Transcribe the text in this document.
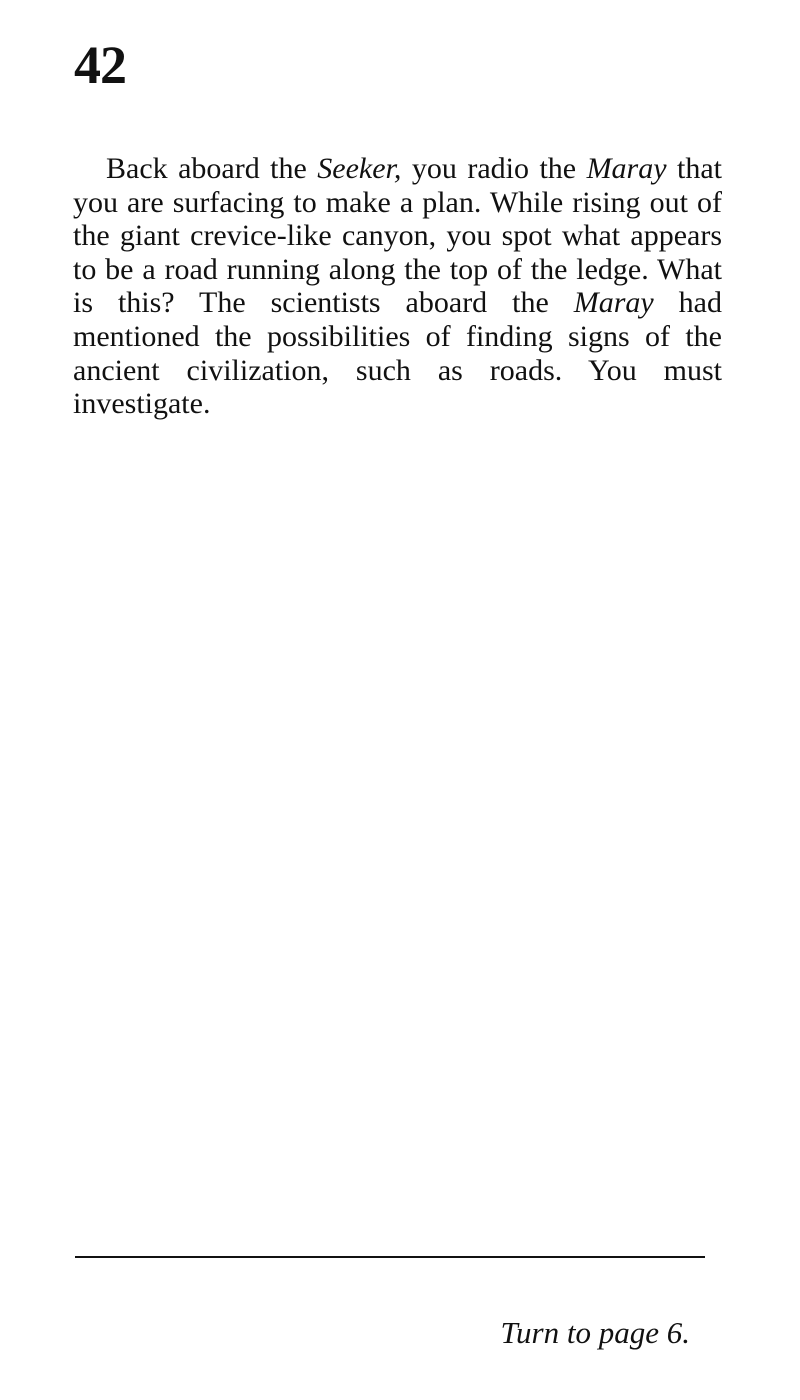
42

Back aboard the Seeker, you radio the Maray that you are surfacing to make a plan. While rising out of the giant crevice-like canyon, you spot what appears to be a road running along the top of the ledge. What is this? The scientists aboard the Maray had mentioned the possibilities of finding signs of the ancient civilization, such as roads. You must investigate.

Turn to page 6.
